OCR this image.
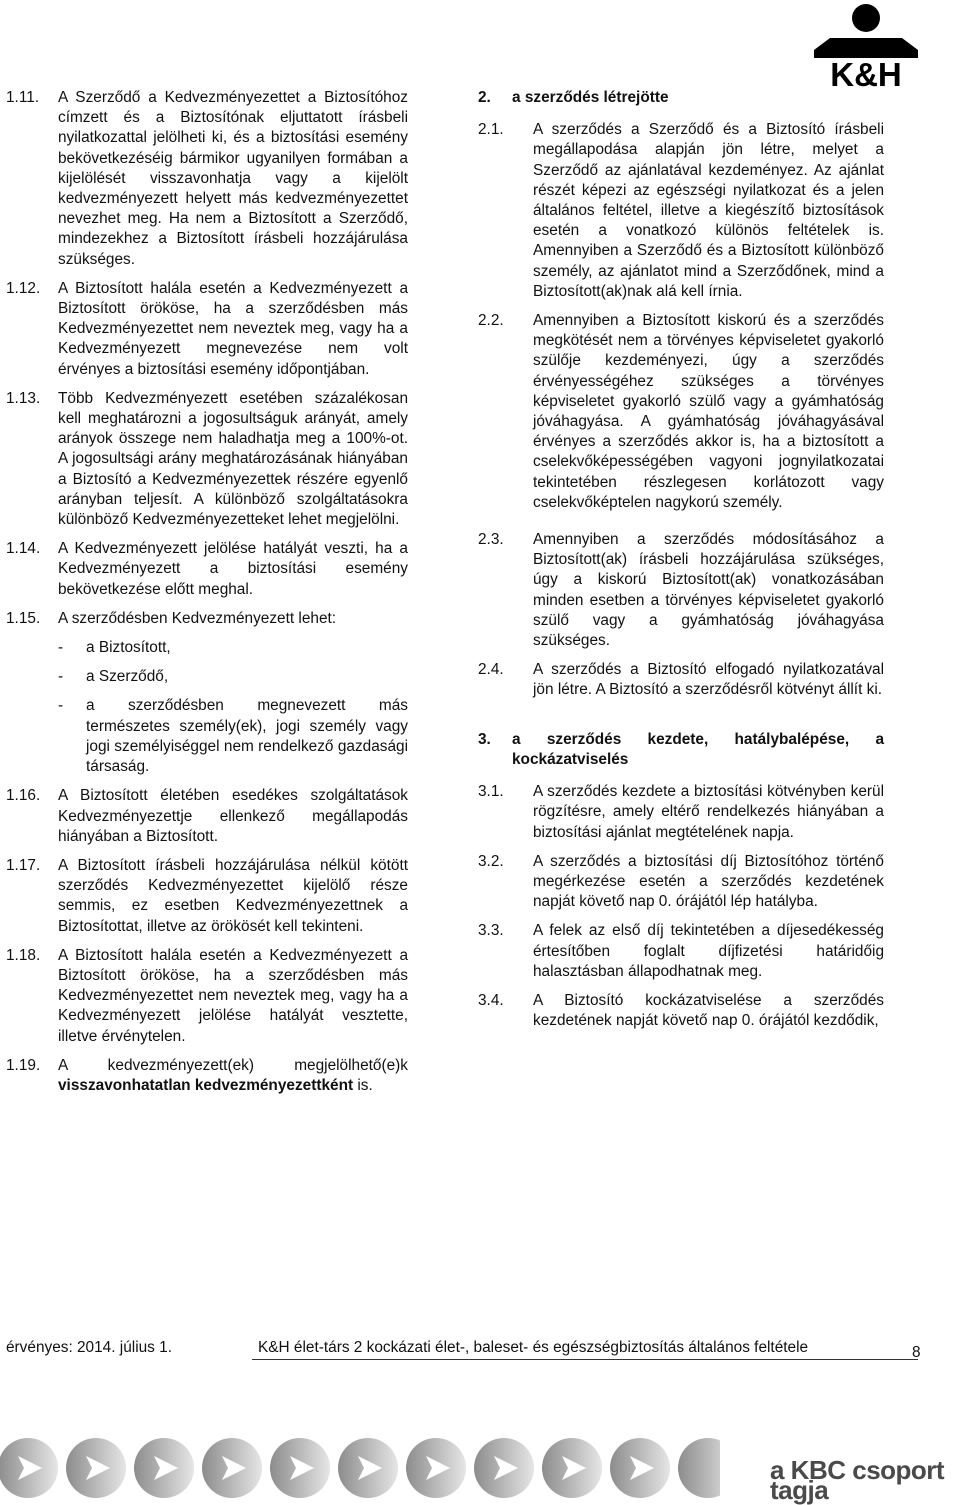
K&H
1.11.	A Szerződő a Kedvezményezettet a Biztosítóhoz címzett és a Biztosítónak eljuttatott írásbeli nyilatkozattal jelölheti ki, és a biztosítási esemény bekövetkezéséig bármikor ugyanilyen formában a kijelölését visszavonhatja vagy a kijelölt kedvezményezett helyett más kedvezményezettet nevezhet meg. Ha nem a Biztosított a Szerződő, mindezekhez a Biztosított írásbeli hozzájárulása szükséges.
1.12.	A Biztosított halála esetén a Kedvezményezett a Biztosított örököse, ha a szerződésben más Kedvezményezettet nem neveztek meg, vagy ha a Kedvezményezett megnevezése nem volt érvényes a biztosítási esemény időpontjában.
1.13.	Több Kedvezményezett esetében százalékosan kell meghatározni a jogosultságuk arányát, amely arányok összege nem haladhatja meg a 100%-ot. A jogosultsági arány meghatározásának hiányában a Biztosító a Kedvezményezettek részére egyenlő arányban teljesít. A különböző szolgáltatásokra különböző Kedvezményezetteket lehet megjelölni.
1.14.	A Kedvezményezett jelölése hatályát veszti, ha a Kedvezményezett a biztosítási esemény bekövetkezése előtt meghal.
1.15.	A szerződésben Kedvezményezett lehet:
-	a Biztosított,
-	a Szerződő,
-	a szerződésben megnevezett más természetes személy(ek), jogi személy vagy jogi személyiséggel nem rendelkező gazdasági társaság.
1.16.	A Biztosított életében esedékes szolgáltatások Kedvezményezettje ellenkező megállapodás hiányában a Biztosított.
1.17.	A Biztosított írásbeli hozzájárulása nélkül kötött szerződés Kedvezményezettet kijelölő része semmis, ez esetben Kedvezményezettnek a Biztosítottat, illetve az örökösét kell tekinteni.
1.18.	A Biztosított halála esetén a Kedvezményezett a Biztosított örököse, ha a szerződésben más Kedvezményezettet nem neveztek meg, vagy ha a Kedvezményezett jelölése hatályát vesztette, illetve érvénytelen.
1.19.	A kedvezményezett(ek) megjelölhető(e)k visszavonhatatlan kedvezményezettként is.
2.	a szerződés létrejötte
2.1.	A szerződés a Szerződő és a Biztosító írásbeli megállapodása alapján jön létre, melyet a Szerződő az ajánlatával kezdeményez. Az ajánlat részét képezi az egészségi nyilatkozat és a jelen általános feltétel, illetve a kiegészítő biztosítások esetén a vonatkozó különös feltételek is. Amennyiben a Szerződő és a Biztosított különböző személy, az ajánlatot mind a Szerződőnek, mind a Biztosított(ak)nak alá kell írnia.
2.2.	Amennyiben a Biztosított kiskorú és a szerződés megkötését nem a törvényes képviseletet gyakorló szülője kezdeményezi, úgy a szerződés érvényességéhez szükséges a törvényes képviseletet gyakorló szülő vagy a gyámhatóság jóváhagyása. A gyámhatóság jóváhagyásával érvényes a szerződés akkor is, ha a biztosított a cselekvőképességében vagyoni jognyilatkozatai tekintetében részlegesen korlátozott vagy cselekvőképtelen nagykorú személy.
2.3.	Amennyiben a szerződés módosításához a Biztosított(ak) írásbeli hozzájárulása szükséges, úgy a kiskorú Biztosított(ak) vonatkozásában minden esetben a törvényes képviseletet gyakorló szülő vagy a gyámhatóság jóváhagyása szükséges.
2.4.	A szerződés a Biztosító elfogadó nyilatkozatával jön létre. A Biztosító a szerződésről kötvényt állít ki.
3.	a szerződés kezdete, hatálybalépése, a kockázatviselés
3.1.	A szerződés kezdete a biztosítási kötvényben kerül rögzítésre, amely eltérő rendelkezés hiányában a biztosítási ajánlat megtételének napja.
3.2.	A szerződés a biztosítási díj Biztosítóhoz történő megérkezése esetén a szerződés kezdetének napját követő nap 0. órájától lép hatályba.
3.3.	A felek az első díj tekintetében a díjesedékesség értesítőben foglalt díjfizetési határidőig halasztásban állapodhatnak meg.
3.4.	A Biztosító kockázatviselése a szerződés kezdetének napját követő nap 0. órájától kezdődik,
érvényes: 2014. július 1.	K&H élet-társ 2 kockázati élet-, baleset- és egészségbiztosítás általános feltétele	8
a KBC csoport tagja
